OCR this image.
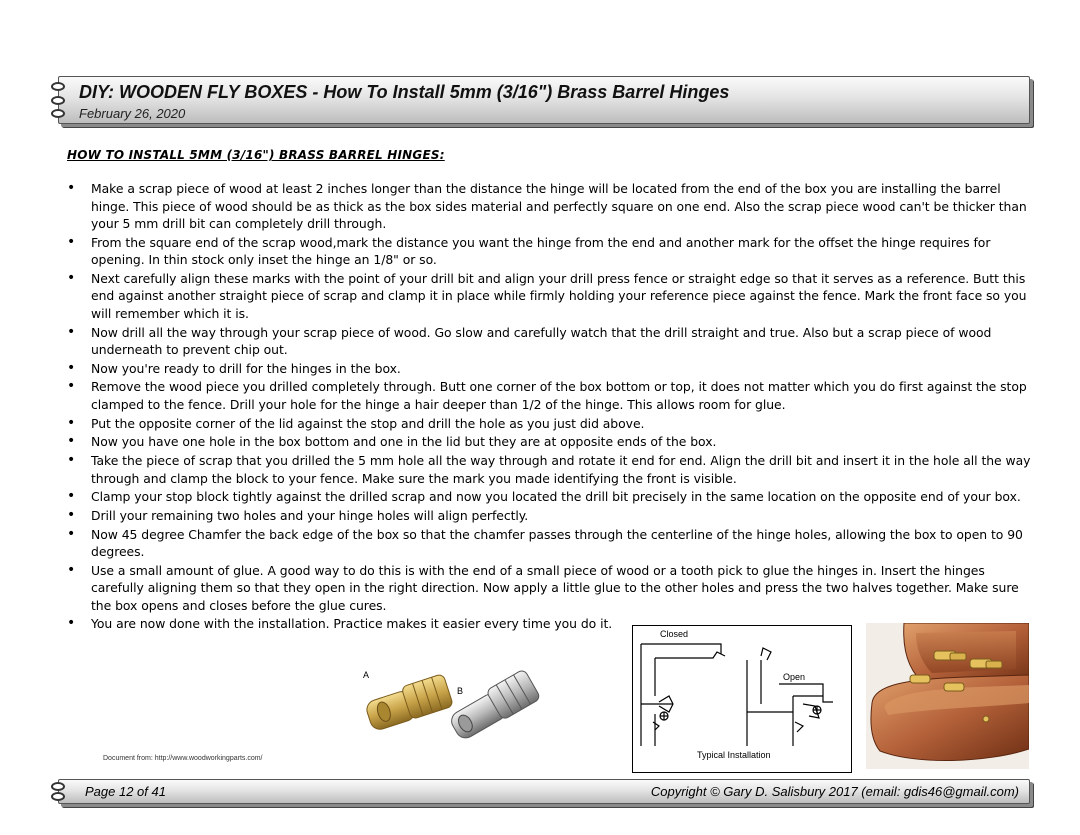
DIY: WOODEN FLY BOXES - How To Install 5mm (3/16") Brass Barrel Hinges
February 26, 2020
HOW TO INSTALL 5MM (3/16") BRASS BARREL HINGES:
• Make a scrap piece of wood at least 2 inches longer than the distance the hinge will be located from the end of the box you are installing the barrel hinge. This piece of wood should be as thick as the box sides material and perfectly square on one end. Also the scrap piece wood can't be thicker than your 5 mm drill bit can completely drill through.
• From the square end of the scrap wood,mark the distance you want the hinge from the end and another mark for the offset the hinge requires for opening. In thin stock only inset the hinge an 1/8" or so.
• Next carefully align these marks with the point of your drill bit and align your drill press fence or straight edge so that it serves as a reference. Butt this end against another straight piece of scrap and clamp it in place while firmly holding your reference piece against the fence. Mark the front face so you will remember which it is.
• Now drill all the way through your scrap piece of wood. Go slow and carefully watch that the drill straight and true. Also but a scrap piece of wood underneath to prevent chip out.
• Now you're ready to drill for the hinges in the box.
• Remove the wood piece you drilled completely through. Butt one corner of the box bottom or top, it does not matter which you do first against the stop clamped to the fence. Drill your hole for the hinge a hair deeper than 1/2 of the hinge. This allows room for glue.
• Put the opposite corner of the lid against the stop and drill the hole as you just did above.
• Now you have one hole in the box bottom and one in the lid but they are at opposite ends of the box.
• Take the piece of scrap that you drilled the 5 mm hole all the way through and rotate it end for end. Align the drill bit and insert it in the hole all the way through and clamp the block to your fence. Make sure the mark you made identifying the front is visible.
• Clamp your stop block tightly against the drilled scrap and now you located the drill bit precisely in the same location on the opposite end of your box.
• Drill your remaining two holes and your hinge holes will align perfectly.
• Now 45 degree Chamfer the back edge of the box so that the chamfer passes through the centerline of the hinge holes, allowing the box to open to 90 degrees.
• Use a small amount of glue. A good way to do this is with the end of a small piece of wood or a tooth pick to glue the hinges in. Insert the hinges carefully aligning them so that they open in the right direction. Now apply a little glue to the other holes and press the two halves together. Make sure the box opens and closes before the glue cures.
• You are now done with the installation. Practice makes it easier every time you do it.
A
B
Document from: http://www.woodworkingparts.com/
Closed
Open
Typical Installation
Page 12 of 41	Copyright © Gary D. Salisbury 2017 (email: gdis46@gmail.com)
